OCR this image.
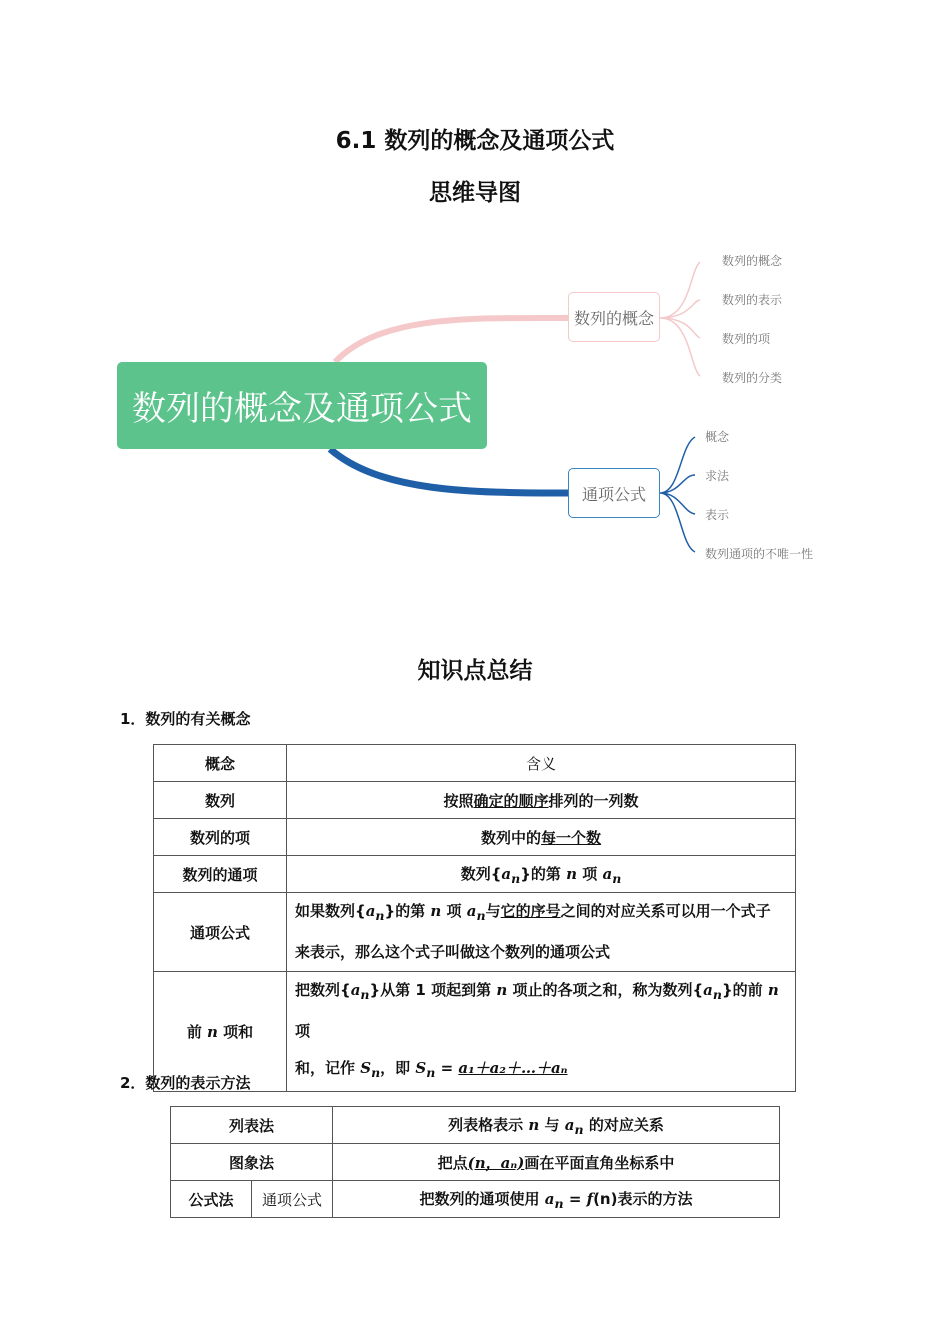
6.1 数列的概念及通项公式
思维导图
数列的概念及通项公式
数列的概念
通项公式
数列的概念
数列的表示
数列的项
数列的分类
概念
求法
表示
数列通项的不唯一性
知识点总结
1．数列的有关概念
概念	含义
数列	按照确定的顺序排列的一列数
数列的项	数列中的每一个数
数列的通项	数列$\{a_n\}$的第 n 项 $a_n$
通项公式	如果数列$\{a_n\}$的第 n 项 $a_n$与它的序号之间的对应关系可以用一个式子
来表示，那么这个式子叫做这个数列的通项公式
前 n 项和	把数列$\{a_n\}$从第 1 项起到第 n 项止的各项之和，称为数列$\{a_n\}$的前 n 项
和，记作 $S_n$，即 $S_n$ = a₁＋a₂＋…＋aₙ
2．数列的表示方法
列表法		列表格表示 n 与 $a_n$ 的对应关系
图象法		把点(n，aₙ)画在平面直角坐标系中
公式法	通项公式	把数列的通项使用 $a_n = f(n)$表示的方法
